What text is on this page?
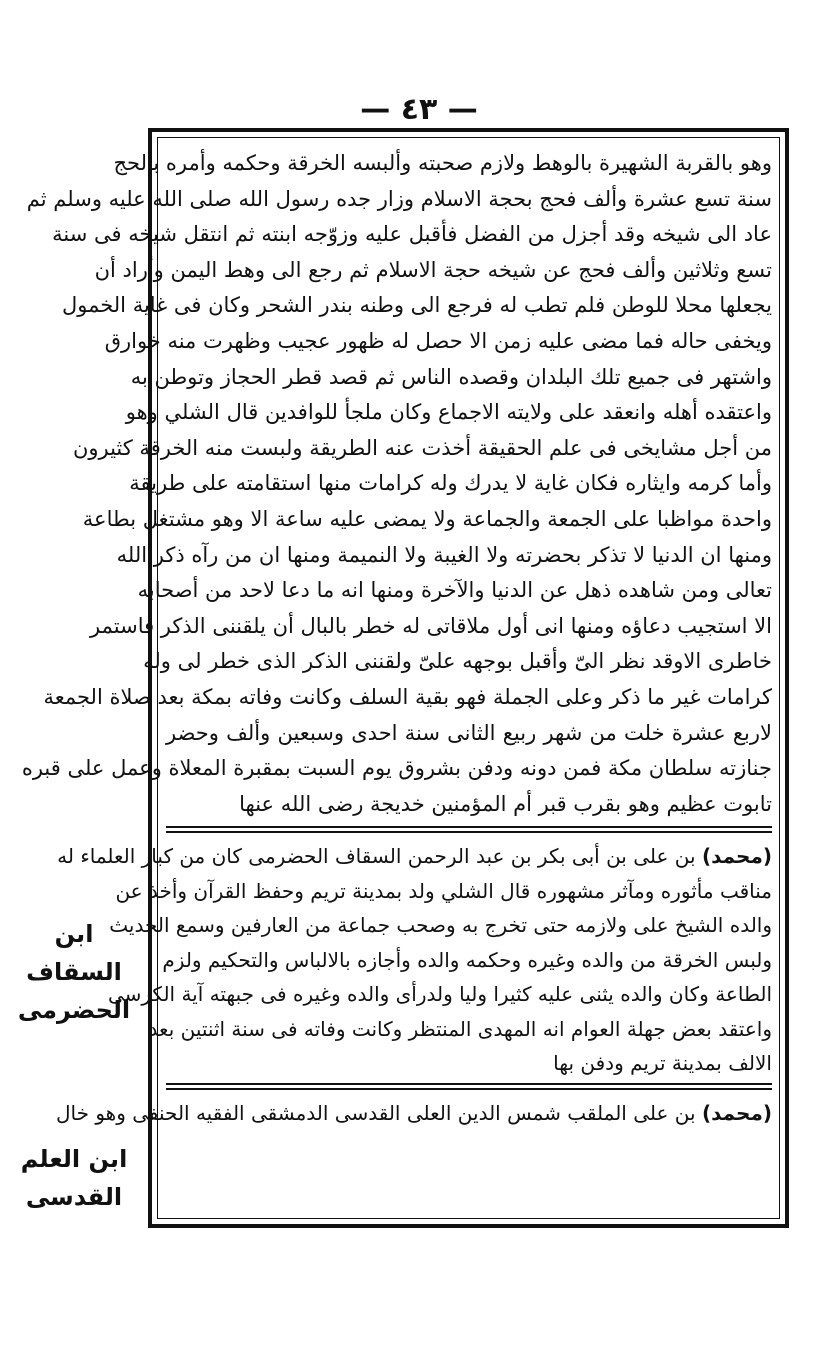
— ٤٣ —
وهو بالقربة الشهيرة بالوهط ولازم صحبته وألبسه الخرقة وحكمه وأمره بالحج
سنة تسع عشرة وألف فحج بحجة الاسلام وزار جده رسول الله صلى الله عليه وسلم ثم
عاد الى شيخه وقد أجزل من الفضل فأقبل عليه وزوّجه ابنته ثم انتقل شيخه فى سنة
تسع وثلاثين وألف فحج عن شيخه حجة الاسلام ثم رجع الى وهط اليمن وأراد أن
يجعلها محلا للوطن فلم تطب له فرجع الى وطنه بندر الشحر وكان فى غاية الخمول
ويخفى حاله فما مضى عليه زمن الا حصل له ظهور عجيب وظهرت منه خوارق
واشتهر فى جميع تلك البلدان وقصده الناس ثم قصد قطر الحجاز وتوطن به
واعتقده أهله وانعقد على ولايته الاجماع وكان ملجأ للوافدين قال الشلي وهو
من أجل مشايخى فى علم الحقيقة أخذت عنه الطريقة ولبست منه الخرقة كثيرون
وأما كرمه وايثاره فكان غاية لا يدرك وله كرامات منها استقامته على طريقة
واحدة مواظبا على الجمعة والجماعة ولا يمضى عليه ساعة الا وهو مشتغل بطاعة
ومنها ان الدنيا لا تذكر بحضرته ولا الغيبة ولا النميمة ومنها ان من رآه ذكر الله
تعالى ومن شاهده ذهل عن الدنيا والآخرة ومنها انه ما دعا لاحد من أصحابه
الا استجيب دعاؤه ومنها انى أول ملاقاتى له خطر بالبال أن يلقننى الذكر فاستمر
خاطرى الاوقد نظر الىّ وأقبل بوجهه علىّ ولقننى الذكر الذى خطر لى وله
كرامات غير ما ذكر وعلى الجملة فهو بقية السلف وكانت وفاته بمكة بعد صلاة الجمعة
لاربع عشرة خلت من شهر ربيع الثانى سنة احدى وسبعين وألف وحضر
جنازته سلطان مكة فمن دونه ودفن بشروق يوم السبت بمقبرة المعلاة وعمل على قبره
تابوت عظيم وهو بقرب قبر أم المؤمنين خديجة رضى الله عنها
(محمد) بن على بن أبى بكر بن عبد الرحمن السقاف الحضرمى كان من كبار العلماء له
مناقب مأثوره ومآثر مشهوره قال الشلي ولد بمدينة تريم وحفظ القرآن وأخذ عن
والده الشيخ على ولازمه حتى تخرج به وصحب جماعة من العارفين وسمع الحديث
ولبس الخرقة من والده وغيره وحكمه والده وأجازه بالالباس والتحكيم ولزم
الطاعة وكان والده يثنى عليه كثيرا وليا ولدرأى والده وغيره فى جبهته آية الكرسى
واعتقد بعض جهلة العوام انه المهدى المنتظر وكانت وفاته فى سنة اثنتين بعد
الالف بمدينة تريم ودفن بها
(محمد) بن على الملقب شمس الدين العلى القدسى الدمشقى الفقيه الحنفى وهو خال
ابن السقاف
الحضرمى
ابن العلم
القدسى
